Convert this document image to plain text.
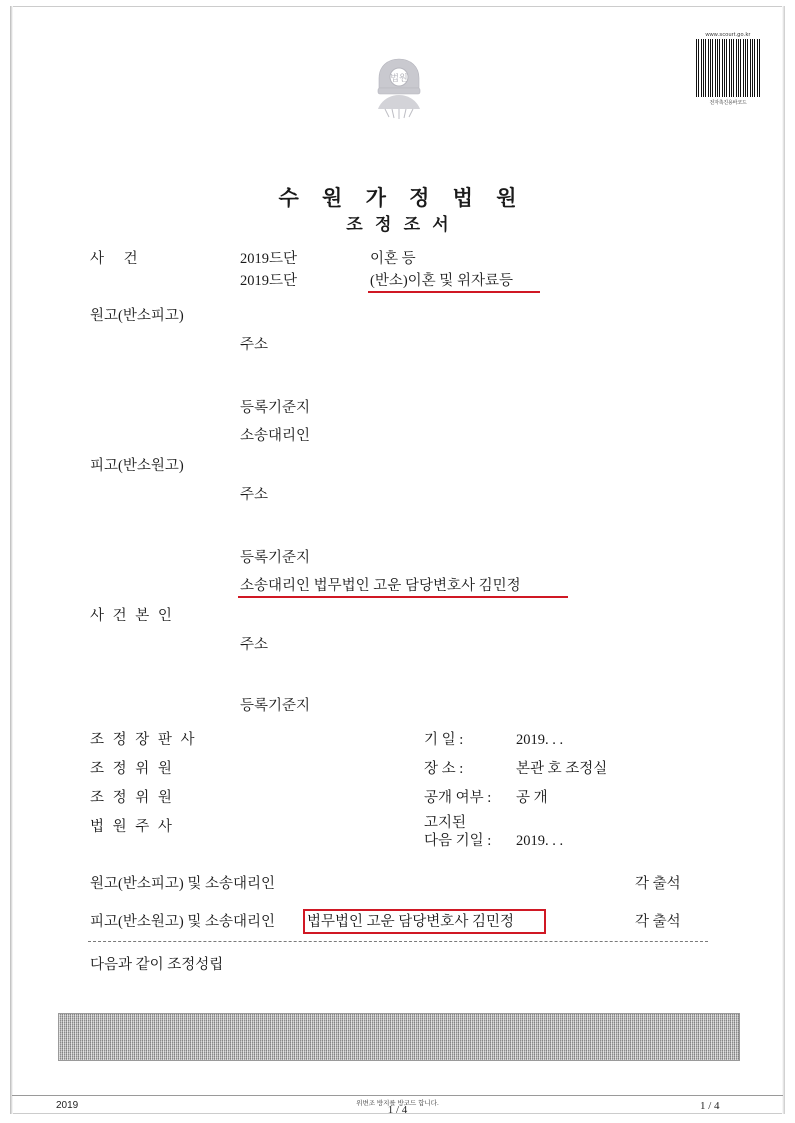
법원
www.scourt.go.kr
전자촉진용바코드
수 원 가 정 법 원
조 정 조 서
사 건	2019드단	이혼 등
2019드단	(반소)이혼 및 위자료등
원고(반소피고)
주소
등록기준지
소송대리인
피고(반소원고)
주소
등록기준지
소송대리인 법무법인 고운 담당변호사 김민정
사 건 본 인
주소
등록기준지
조 정 장 판 사	기 일 :	2019. . .
조 정 위 원	장 소 :	본관 호 조정실
조 정 위 원	공개 여부 : 공 개
법 원 주 사	고지된
다음 기일 : 2019. . .
원고(반소피고) 및 소송대리인	각 출석
피고(반소원고) 및 소송대리인 법무법인 고운 담당변호사 김민정	각 출석
다음과 같이 조정성립
2019	위변조 방지를 방코드 합니다.
1 / 4	1 / 4
